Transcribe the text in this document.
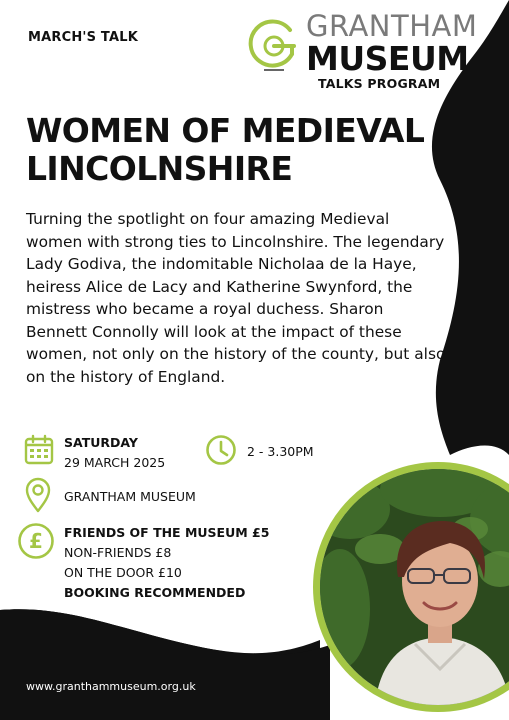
MARCH'S TALK	GRANTHAM
MUSEUM
TALKS PROGRAM
WOMEN OF MEDIEVAL LINCOLNSHIRE
Turning the spotlight on four amazing Medieval women with strong ties to Lincolnshire. The legendary Lady Godiva, the indomitable Nicholaa de la Haye, heiress Alice de Lacy and Katherine Swynford, the mistress who became a royal duchess. Sharon Bennett Connolly will look at the impact of these women, not only on the history of the county, but also on the history of England.
SATURDAY
29 MARCH 2025
2 - 3.30PM
GRANTHAM MUSEUM
£ FRIENDS OF THE MUSEUM £5
NON-FRIENDS £8
ON THE DOOR £10
BOOKING RECOMMENDED
www.granthammuseum.org.uk
